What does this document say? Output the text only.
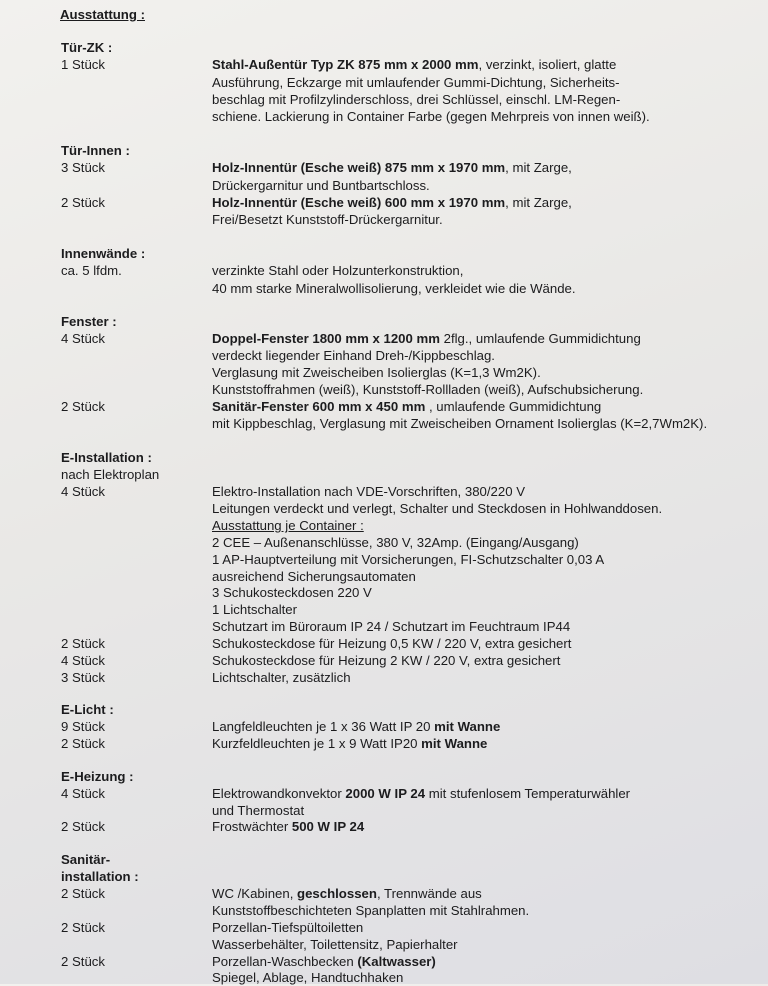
Ausstattung :
Tür-ZK :
1 Stück	Stahl-Außentür Typ ZK 875 mm x 2000 mm, verzinkt, isoliert, glatte
Ausführung, Eckzarge mit umlaufender Gummi-Dichtung, Sicherheits-
beschlag mit Profilzylinderschloss, drei Schlüssel, einschl. LM-Regen-
schiene. Lackierung in Container Farbe (gegen Mehrpreis von innen weiß).
Tür-Innen :
3 Stück	Holz-Innentür (Esche weiß) 875 mm x 1970 mm, mit Zarge,
Drückergarnitur und Buntbartschloss.
2 Stück	Holz-Innentür (Esche weiß) 600 mm x 1970 mm, mit Zarge,
Frei/Besetzt Kunststoff-Drückergarnitur.
Innenwände :
ca. 5 lfdm.	verzinkte Stahl oder Holzunterkonstruktion,
40 mm starke Mineralwollisolierung, verkleidet wie die Wände.
Fenster :
4 Stück	Doppel-Fenster 1800 mm x 1200 mm 2flg., umlaufende Gummidichtung
verdeckt liegender Einhand Dreh-/Kippbeschlag.
Verglasung mit Zweischeiben Isolierglas (K=1,3 Wm2K).
Kunststoffrahmen (weiß), Kunststoff-Rollladen (weiß), Aufschubsicherung.
2 Stück	Sanitär-Fenster 600 mm x 450 mm , umlaufende Gummidichtung
mit Kippbeschlag, Verglasung mit Zweischeiben Ornament Isolierglas (K=2,7Wm2K).
E-Installation :
nach Elektroplan
4 Stück	Elektro-Installation nach VDE-Vorschriften, 380/220 V
Leitungen verdeckt und verlegt, Schalter und Steckdosen in Hohlwanddosen.
Ausstattung je Container :
2 CEE – Außenanschlüsse, 380 V, 32Amp. (Eingang/Ausgang)
1 AP-Hauptverteilung mit Vorsicherungen, FI-Schutzschalter 0,03 A
ausreichend Sicherungsautomaten
3 Schukosteckdosen 220 V
1 Lichtschalter
Schutzart im Büroraum IP 24 / Schutzart im Feuchtraum IP44
2 Stück	Schukosteckdose für Heizung 0,5 KW / 220 V, extra gesichert
4 Stück	Schukosteckdose für Heizung 2 KW / 220 V, extra gesichert
3 Stück	Lichtschalter, zusätzlich
E-Licht :
9 Stück	Langfeldleuchten je 1 x 36 Watt IP 20 mit Wanne
2 Stück	Kurzfeldleuchten je 1 x 9 Watt IP20 mit Wanne
E-Heizung :
4 Stück	Elektrowandkonvektor 2000 W IP 24 mit stufenlosem Temperaturwähler
und Thermostat
2 Stück	Frostwächter 500 W IP 24
Sanitär-
installation :
2 Stück	WC /Kabinen, geschlossen, Trennwände aus
Kunststoffbeschichteten Spanplatten mit Stahlrahmen.
2 Stück	Porzellan-Tiefspültoiletten
Wasserbehälter, Toilettensitz, Papierhalter
2 Stück	Porzellan-Waschbecken (Kaltwasser)
Spiegel, Ablage, Handtuchhaken
